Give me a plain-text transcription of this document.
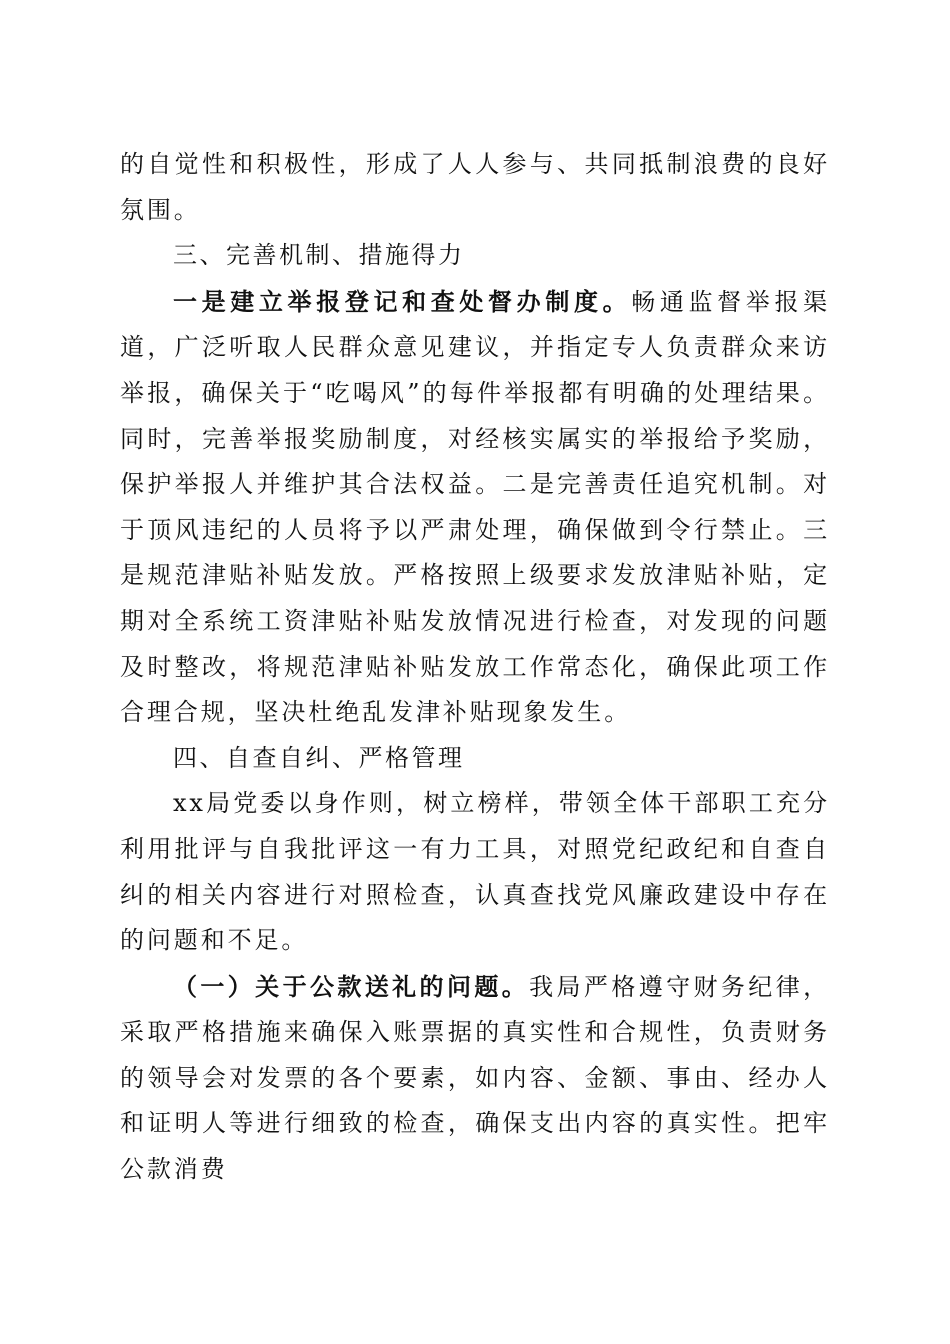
的自觉性和积极性，形成了人人参与、共同抵制浪费的良好氛围。

三、完善机制、措施得力

一是建立举报登记和查处督办制度。畅通监督举报渠道，广泛听取人民群众意见建议，并指定专人负责群众来访举报，确保关于“吃喝风”的每件举报都有明确的处理结果。同时，完善举报奖励制度，对经核实属实的举报给予奖励，保护举报人并维护其合法权益。二是完善责任追究机制。对于顶风违纪的人员将予以严肃处理，确保做到令行禁止。三是规范津贴补贴发放。严格按照上级要求发放津贴补贴，定期对全系统工资津贴补贴发放情况进行检查，对发现的问题及时整改，将规范津贴补贴发放工作常态化，确保此项工作合理合规，坚决杜绝乱发津补贴现象发生。

四、自查自纠、严格管理

xx局党委以身作则，树立榜样，带领全体干部职工充分利用批评与自我批评这一有力工具，对照党纪政纪和自查自纠的相关内容进行对照检查，认真查找党风廉政建设中存在的问题和不足。

（一）关于公款送礼的问题。我局严格遵守财务纪律，采取严格措施来确保入账票据的真实性和合规性，负责财务的领导会对发票的各个要素，如内容、金额、事由、经办人和证明人等进行细致的检查，确保支出内容的真实性。把牢公款消费
